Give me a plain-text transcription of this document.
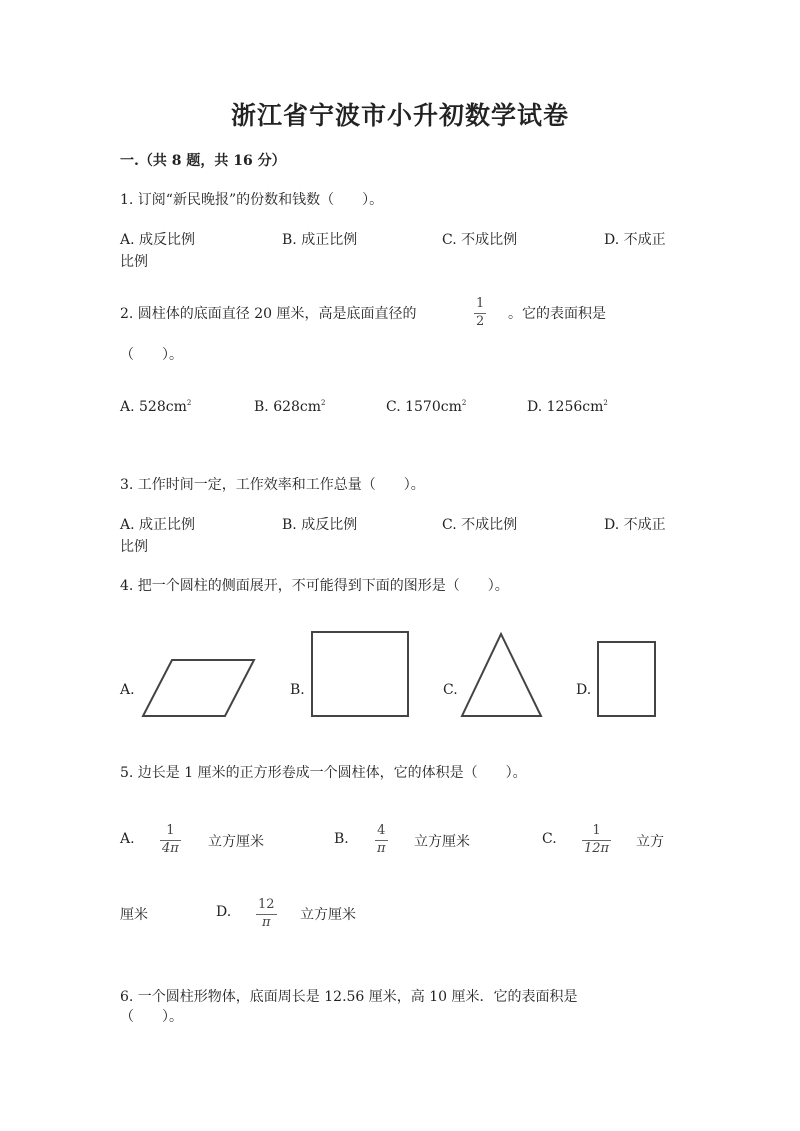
浙江省宁波市小升初数学试卷
一.（共 8 题，共 16 分）
1. 订阅“新民晚报”的份数和钱数（　　）。
A. 成反比例	B. 成正比例	C. 不成比例	D. 不成正
比例
2. 圆柱体的底面直径 20 厘米，高是底面直径的
1
2 。它的表面积是
（　　）。
A. $528cm^2$	B. $628cm^2$	C. $1570cm^2$	D. $1256cm^2$
3. 工作时间一定，工作效率和工作总量（　　）。
A. 成正比例	B. 成反比例	C. 不成比例	D. 不成正
比例
4. 把一个圆柱的侧面展开，不可能得到下面的图形是（　　）。
A.	B.	C.	D.
5. 边长是 1 厘米的正方形卷成一个圆柱体，它的体积是（　　）。
A.
1
4π 立方厘米	B.
4
π 立方厘米	C.
1
12π 立方
厘米	D. 12
π 立方厘米
6. 一个圆柱形物体，底面周长是 12.56 厘米，高 10 厘米．它的表面积是
（　　）。
